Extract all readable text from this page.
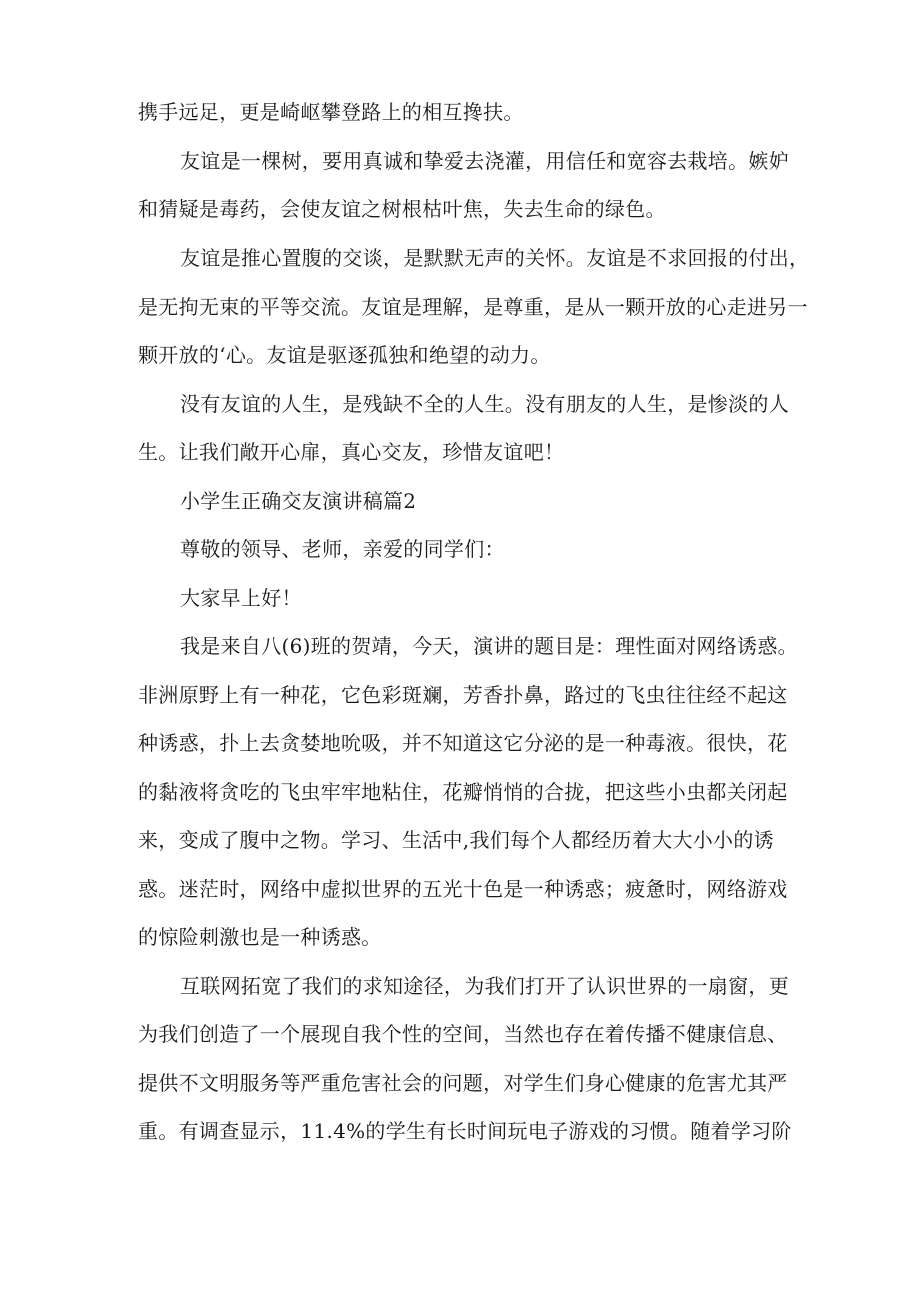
携手远足，更是崎岖攀登路上的相互搀扶。
友谊是一棵树，要用真诚和挚爱去浇灌，用信任和宽容去栽培。嫉妒
和猜疑是毒药，会使友谊之树根枯叶焦，失去生命的绿色。
友谊是推心置腹的交谈，是默默无声的关怀。友谊是不求回报的付出，
是无拘无束的平等交流。友谊是理解，是尊重，是从一颗开放的心走进另一
颗开放的‘心。友谊是驱逐孤独和绝望的动力。
没有友谊的人生，是残缺不全的人生。没有朋友的人生，是惨淡的人
生。让我们敞开心扉，真心交友，珍惜友谊吧！
小学生正确交友演讲稿篇2
尊敬的领导、老师，亲爱的同学们：
大家早上好！
我是来自八(6)班的贺靖，今天，演讲的题目是：理性面对网络诱惑。
非洲原野上有一种花，它色彩斑斓，芳香扑鼻，路过的飞虫往往经不起这
种诱惑，扑上去贪婪地吮吸，并不知道这它分泌的是一种毒液。很快，花
的黏液将贪吃的飞虫牢牢地粘住，花瓣悄悄的合拢，把这些小虫都关闭起
来，变成了腹中之物。学习、生活中,我们每个人都经历着大大小小的诱
惑。迷茫时，网络中虚拟世界的五光十色是一种诱惑；疲惫时，网络游戏
的惊险刺激也是一种诱惑。
互联网拓宽了我们的求知途径，为我们打开了认识世界的一扇窗，更
为我们创造了一个展现自我个性的空间，当然也存在着传播不健康信息、
提供不文明服务等严重危害社会的问题，对学生们身心健康的危害尤其严
重。有调查显示，11.4%的学生有长时间玩电子游戏的习惯。随着学习阶
